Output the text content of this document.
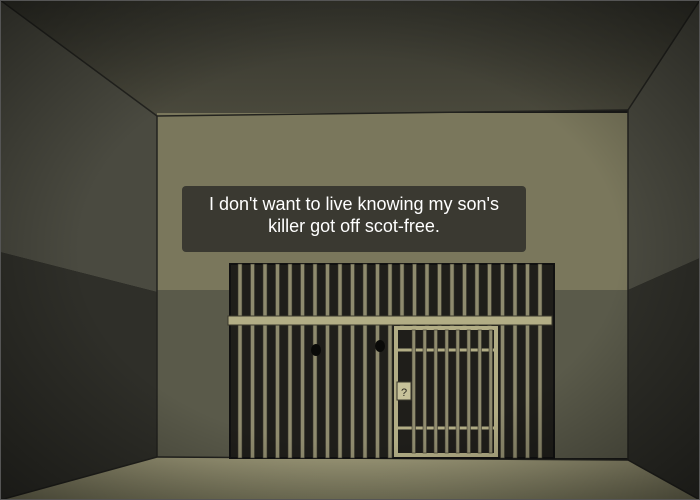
I don't want to live knowing my son's
killer got off scot-free.
